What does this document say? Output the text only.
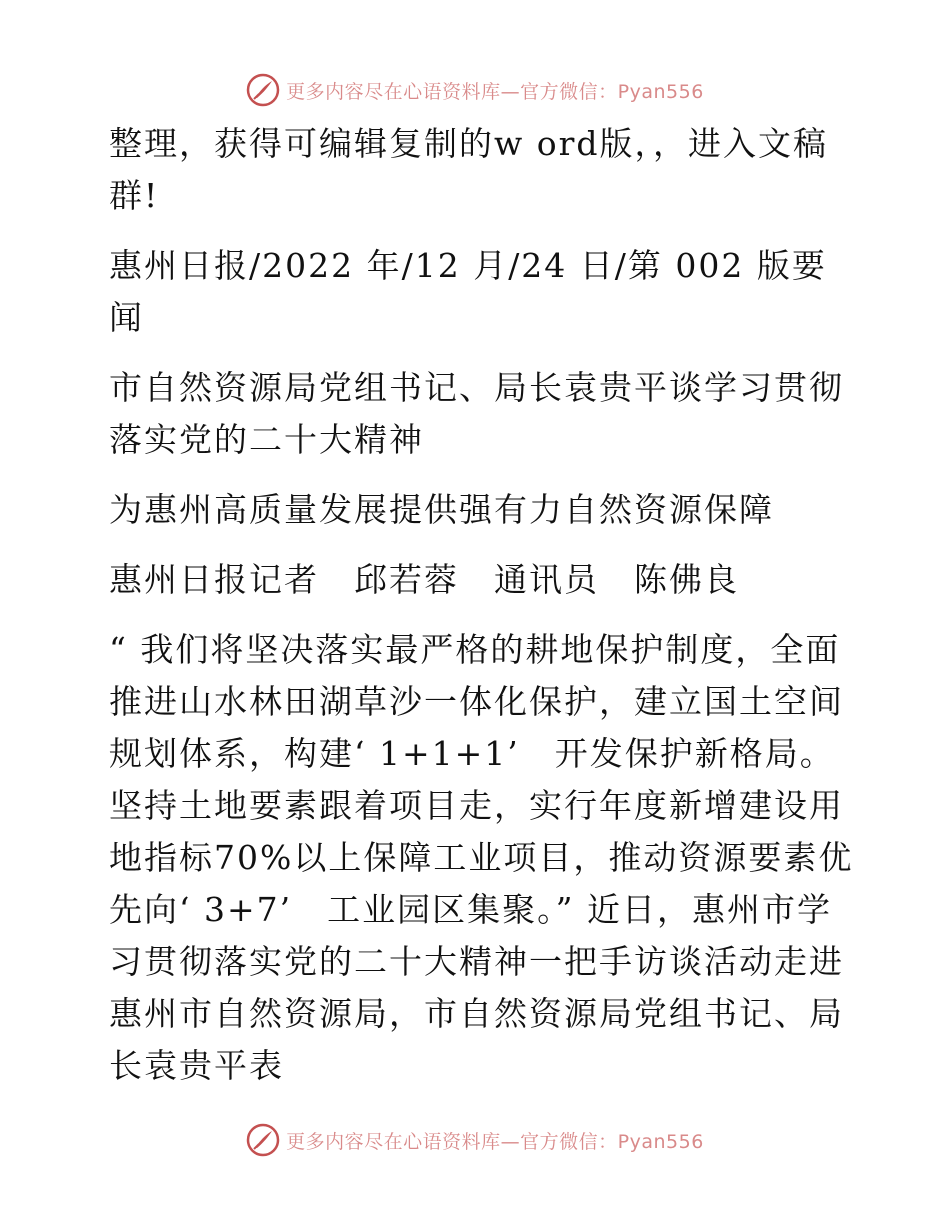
更多内容尽在心语资料库—官方微信：Pyan556

整理，获得可编辑复制的w ord版，，进入文稿群!

惠州日报/2022 年/12 月/24 日/第 002 版要闻

市自然资源局党组书记、局长袁贵平谈学习贯彻落实党的二十大精神

为惠州高质量发展提供强有力自然资源保障

惠州日报记者　邱若蓉　通讯员　陈佛良

“ 我们将坚决落实最严格的耕地保护制度，全面推进山水林田湖草沙一体化保护，建立国土空间规划体系，构建‘ 1+1+1’　开发保护新格局。坚持土地要素跟着项目走，实行年度新增建设用地指标70%以上保障工业项目，推动资源要素优先向‘ 3+7’　工业园区集聚。” 近日，惠州市学习贯彻落实党的二十大精神一把手访谈活动走进惠州市自然资源局，市自然资源局党组书记、局长袁贵平表

更多内容尽在心语资料库—官方微信：Pyan556
